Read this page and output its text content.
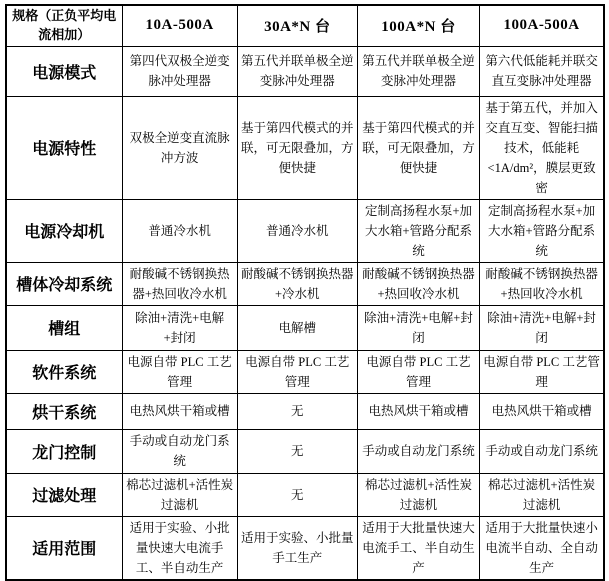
规格（正负平均电流相加）	10A-500A	30A*N 台	100A*N 台	100A-500A
电源模式	第四代双极全逆变脉冲处理器	第五代并联单极全逆变脉冲处理器	第五代并联单极全逆变脉冲处理器	第六代低能耗并联交直互变脉冲处理器
电源特性	双极全逆变直流脉冲方波	基于第四代模式的并联，可无限叠加，方便快捷	基于第四代模式的并联，可无限叠加，方便快捷	基于第五代，并加入交直互变、智能扫描技术，低能耗 <1A/dm²，膜层更致密
电源冷却机	普通冷水机	普通冷水机	定制高扬程水泵+加大水箱+管路分配系统	定制高扬程水泵+加大水箱+管路分配系统
槽体冷却系统	耐酸碱不锈钢换热器+热回收冷水机	耐酸碱不锈钢换热器+冷水机	耐酸碱不锈钢换热器+热回收冷水机	耐酸碱不锈钢换热器+热回收冷水机
槽组	除油+清洗+电解+封闭	电解槽	除油+清洗+电解+封闭	除油+清洗+电解+封闭
软件系统	电源自带 PLC 工艺管理	电源自带 PLC 工艺管理	电源自带 PLC 工艺管理	电源自带 PLC 工艺管理
烘干系统	电热风烘干箱或槽	无	电热风烘干箱或槽	电热风烘干箱或槽
龙门控制	手动或自动龙门系统	无	手动或自动龙门系统	手动或自动龙门系统
过滤处理	棉芯过滤机+活性炭过滤机	无	棉芯过滤机+活性炭过滤机	棉芯过滤机+活性炭过滤机
适用范围	适用于实验、小批量快速大电流手工、半自动生产	适用于实验、小批量手工生产	适用于大批量快速大电流手工、半自动生产	适用于大批量快速小电流半自动、全自动生产
